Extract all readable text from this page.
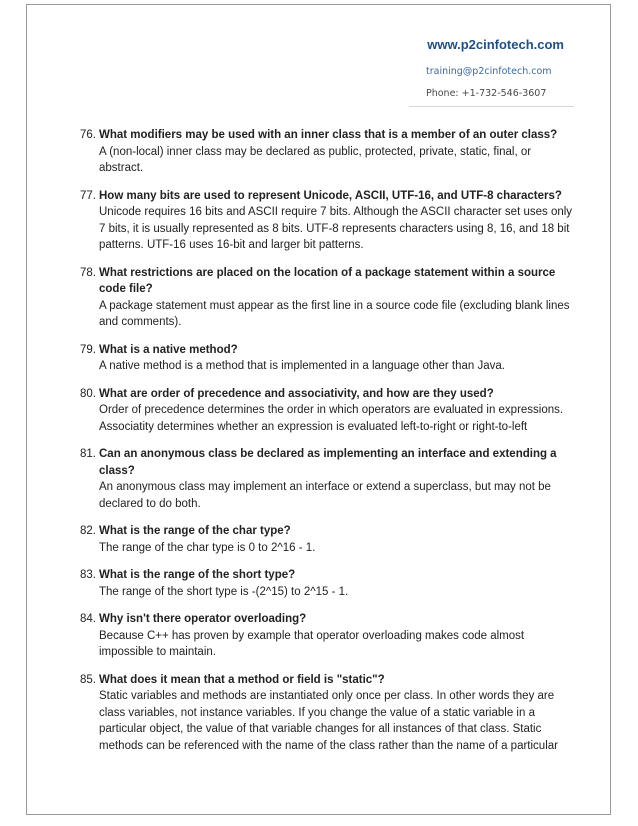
www.p2cinfotech.com
training@p2cinfotech.com
Phone: +1-732-546-3607
76. What modifiers may be used with an inner class that is a member of an outer class?
A (non-local) inner class may be declared as public, protected, private, static, final, or abstract.
77. How many bits are used to represent Unicode, ASCII, UTF-16, and UTF-8 characters?
Unicode requires 16 bits and ASCII require 7 bits. Although the ASCII character set uses only 7 bits, it is usually represented as 8 bits. UTF-8 represents characters using 8, 16, and 18 bit patterns. UTF-16 uses 16-bit and larger bit patterns.
78. What restrictions are placed on the location of a package statement within a source code file?
A package statement must appear as the first line in a source code file (excluding blank lines and comments).
79. What is a native method?
A native method is a method that is implemented in a language other than Java.
80. What are order of precedence and associativity, and how are they used?
Order of precedence determines the order in which operators are evaluated in expressions. Associatity determines whether an expression is evaluated left-to-right or right-to-left
81. Can an anonymous class be declared as implementing an interface and extending a class?
An anonymous class may implement an interface or extend a superclass, but may not be declared to do both.
82. What is the range of the char type?
The range of the char type is 0 to 2^16 - 1.
83. What is the range of the short type?
The range of the short type is -(2^15) to 2^15 - 1.
84. Why isn't there operator overloading?
Because C++ has proven by example that operator overloading makes code almost impossible to maintain.
85. What does it mean that a method or field is "static"?
Static variables and methods are instantiated only once per class. In other words they are class variables, not instance variables. If you change the value of a static variable in a particular object, the value of that variable changes for all instances of that class. Static methods can be referenced with the name of the class rather than the name of a particular
